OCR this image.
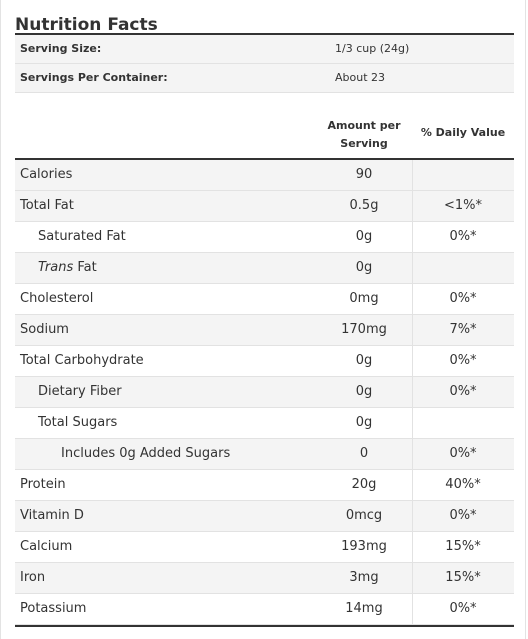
Nutrition Facts
Serving Size:	1/3 cup (24g)
Servings Per Container:	About 23
Amount per
Serving
% Daily Value
Calories	90
Total Fat	0.5g	<1%*
Saturated Fat	0g	0%*
Trans Fat	0g
Cholesterol	0mg	0%*
Sodium	170mg	7%*
Total Carbohydrate	0g	0%*
Dietary Fiber	0g	0%*
Total Sugars	0g
Includes 0g Added Sugars	0	0%*
Protein	20g	40%*
Vitamin D	0mcg	0%*
Calcium	193mg	15%*
Iron	3mg	15%*
Potassium	14mg	0%*
